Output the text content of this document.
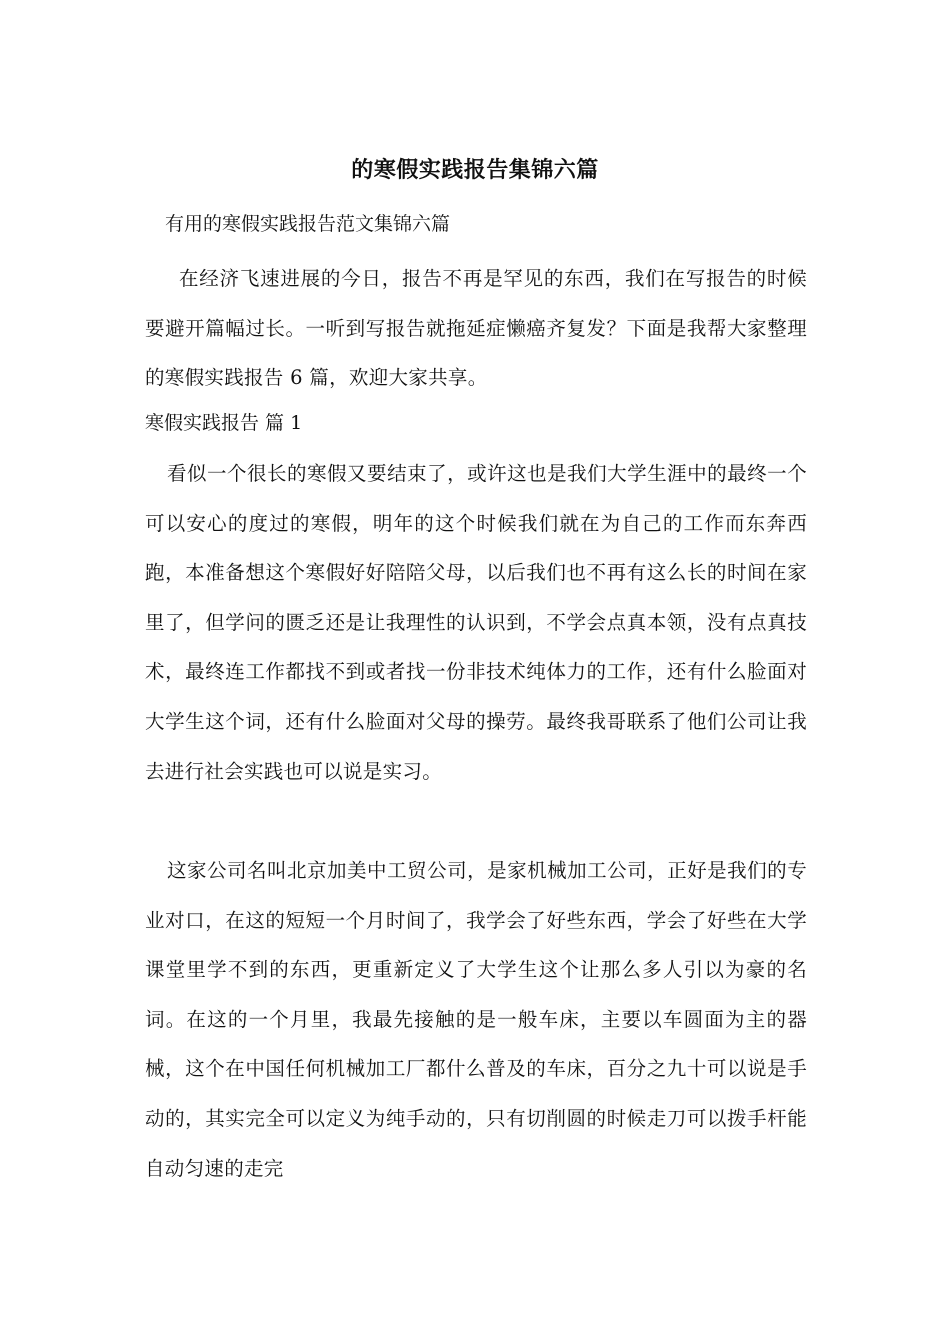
的寒假实践报告集锦六篇
有用的寒假实践报告范文集锦六篇
在经济飞速进展的今日，报告不再是罕见的东西，我们在写报告的时候要避开篇幅过长。一听到写报告就拖延症懒癌齐复发？下面是我帮大家整理的寒假实践报告 6 篇，欢迎大家共享。
寒假实践报告 篇 1
看似一个很长的寒假又要结束了，或许这也是我们大学生涯中的最终一个可以安心的度过的寒假，明年的这个时候我们就在为自己的工作而东奔西跑，本准备想这个寒假好好陪陪父母，以后我们也不再有这么长的时间在家里了，但学问的匮乏还是让我理性的认识到，不学会点真本领，没有点真技术，最终连工作都找不到或者找一份非技术纯体力的工作，还有什么脸面对大学生这个词，还有什么脸面对父母的操劳。最终我哥联系了他们公司让我去进行社会实践也可以说是实习。
这家公司名叫北京加美中工贸公司，是家机械加工公司，正好是我们的专业对口，在这的短短一个月时间了，我学会了好些东西，学会了好些在大学课堂里学不到的东西，更重新定义了大学生这个让那么多人引以为豪的名词。在这的一个月里，我最先接触的是一般车床，主要以车圆面为主的器械，这个在中国任何机械加工厂都什么普及的车床，百分之九十可以说是手动的，其实完全可以定义为纯手动的，只有切削圆的时候走刀可以拨手杆能自动匀速的走完
